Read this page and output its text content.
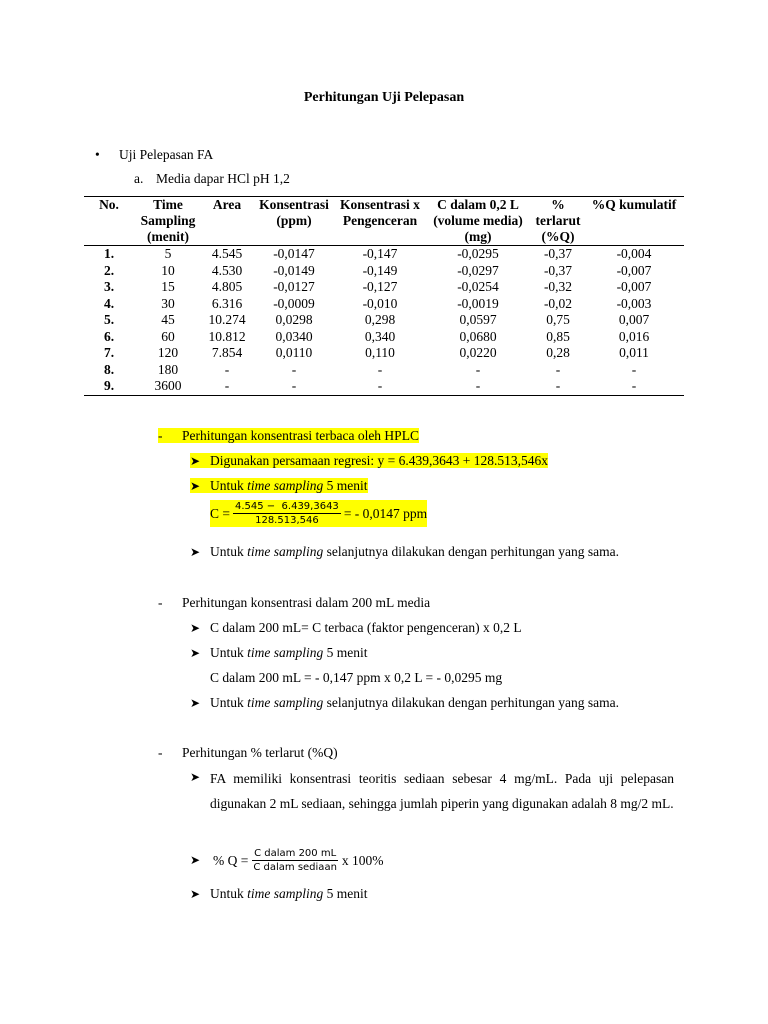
Perhitungan Uji Pelepasan
• Uji Pelepasan FA
a. Media dapar HCl pH 1,2
No.	Time Sampling (menit)	Area	Konsentrasi (ppm)	Konsentrasi x Pengenceran	C dalam 0,2 L (volume media) (mg)	% terlarut (%Q)	%Q kumulatif
1.	5	4.545	-0,0147	-0,147	-0,0295	-0,37	-0,004
2.	10	4.530	-0,0149	-0,149	-0,0297	-0,37	-0,007
3.	15	4.805	-0,0127	-0,127	-0,0254	-0,32	-0,007
4.	30	6.316	-0,0009	-0,010	-0,0019	-0,02	-0,003
5.	45	10.274	0,0298	0,298	0,0597	0,75	0,007
6.	60	10.812	0,0340	0,340	0,0680	0,85	0,016
7.	120	7.854	0,0110	0,110	0,0220	0,28	0,011
8.	180	-	-	-	-	-	-
9.	3600	-	-	-	-	-	-
- Perhitungan konsentrasi terbaca oleh HPLC
➤ Digunakan persamaan regresi: y = 6.439,3643 + 128.513,546x
➤ Untuk time sampling 5 menit
$C = \frac{4.545 - 6.439,3643}{128.513,546}$ = - 0,0147 ppm
➤ Untuk time sampling selanjutnya dilakukan dengan perhitungan yang sama.
- Perhitungan konsentrasi dalam 200 mL media
➤ C dalam 200 mL= C terbaca (faktor pengenceran) x 0,2 L
➤ Untuk time sampling 5 menit
C dalam 200 mL = - 0,147 ppm x 0,2 L = - 0,0295 mg
➤ Untuk time sampling selanjutnya dilakukan dengan perhitungan yang sama.
- Perhitungan % terlarut (%Q)
➤ FA memiliki konsentrasi teoritis sediaan sebesar 4 mg/mL. Pada uji pelepasan digunakan 2 mL sediaan, sehingga jumlah piperin yang digunakan adalah 8 mg/2 mL.
➤ % $Q = \frac{\text{C dalam 200 mL}}{\text{C dalam sediaan}}$ x 100%
➤ Untuk time sampling 5 menit
